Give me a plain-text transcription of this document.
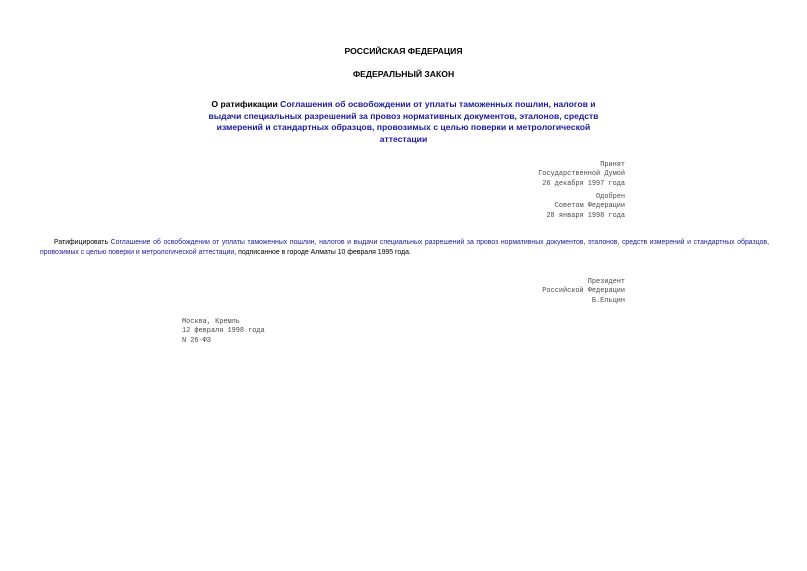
РОССИЙСКАЯ ФЕДЕРАЦИЯ
ФЕДЕРАЛЬНЫЙ ЗАКОН
О ратификации Соглашения об освобождении от уплаты таможенных пошлин, налогов и выдачи специальных разрешений за провоз нормативных документов, эталонов, средств измерений и стандартных образцов, провозимых с целью поверки и метрологической аттестации
Принят
Государственной Думой
26 декабря 1997 года
Одобрен
Советом Федерации
28 января 1998 года
Ратифицировать Соглашение об освобождении от уплаты таможенных пошлин, налогов и выдачи специальных разрешений за провоз нормативных документов, эталонов, средств измерений и стандартных образцов, провозимых с целью поверки и метрологической аттестации, подписанное в городе Алматы 10 февраля 1995 года.
Президент
Российской Федерации
Б.Ельцин
Москва, Кремль
12 февраля 1998 года
N 26-ФЗ
